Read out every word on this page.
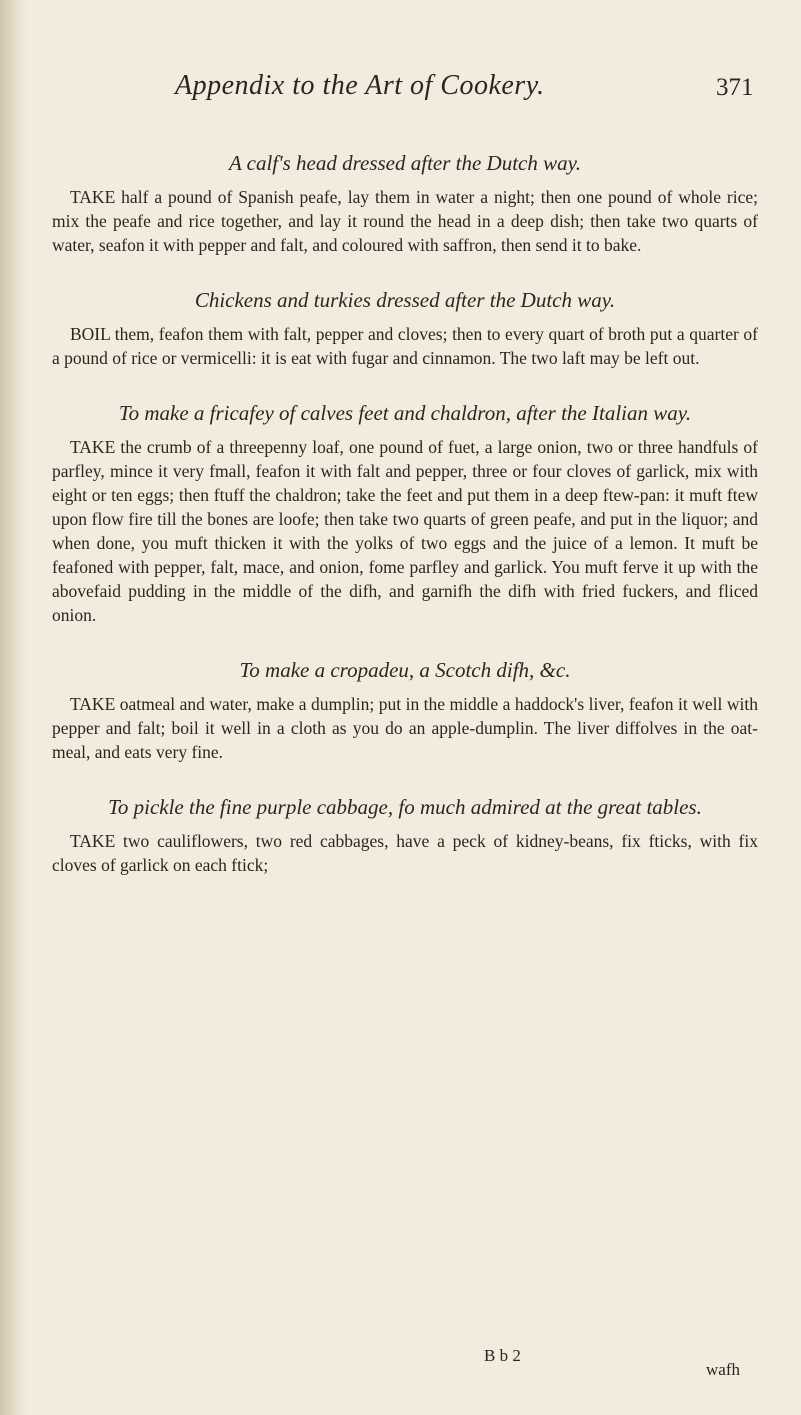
Appendix to the Art of Cookery.	371
A calf's head dressed after the Dutch way.

TAKE half a pound of Spanish peafe, lay them in water a night; then one pound of whole rice; mix the peafe and rice together, and lay it round the head in a deep dish; then take two quarts of water, seafon it with pepper and falt, and coloured with saffron, then send it to bake.

Chickens and turkies dressed after the Dutch way.

BOIL them, feafon them with falt, pepper and cloves; then to every quart of broth put a quarter of a pound of rice or vermicelli: it is eat with fugar and cinnamon. The two laft may be left out.

To make a fricafey of calves feet and chaldron, after the Italian way.

TAKE the crumb of a threepenny loaf, one pound of fuet, a large onion, two or three handfuls of parfley, mince it very fmall, feafon it with falt and pepper, three or four cloves of garlick, mix with eight or ten eggs; then ftuff the chaldron; take the feet and put them in a deep ftew-pan: it muft ftew upon flow fire till the bones are loofe; then take two quarts of green peafe, and put in the liquor; and when done, you muft thicken it with the yolks of two eggs and the juice of a lemon. It muft be feafoned with pepper, falt, mace, and onion, fome parfley and garlick. You muft ferve it up with the abovefaid pudding in the middle of the difh, and garnifh the difh with fried fuckers, and fliced onion.

To make a cropadeu, a Scotch difh, &c.

TAKE oatmeal and water, make a dumplin; put in the middle a haddock's liver, feafon it well with pepper and falt; boil it well in a cloth as you do an apple-dumplin. The liver diffolves in the oat-meal, and eats very fine.

To pickle the fine purple cabbage, fo much admired at the great tables.

TAKE two cauliflowers, two red cabbages, have a peck of kidney-beans, fix fticks, with fix cloves of garlick on each ftick;

B b 2
wafh
